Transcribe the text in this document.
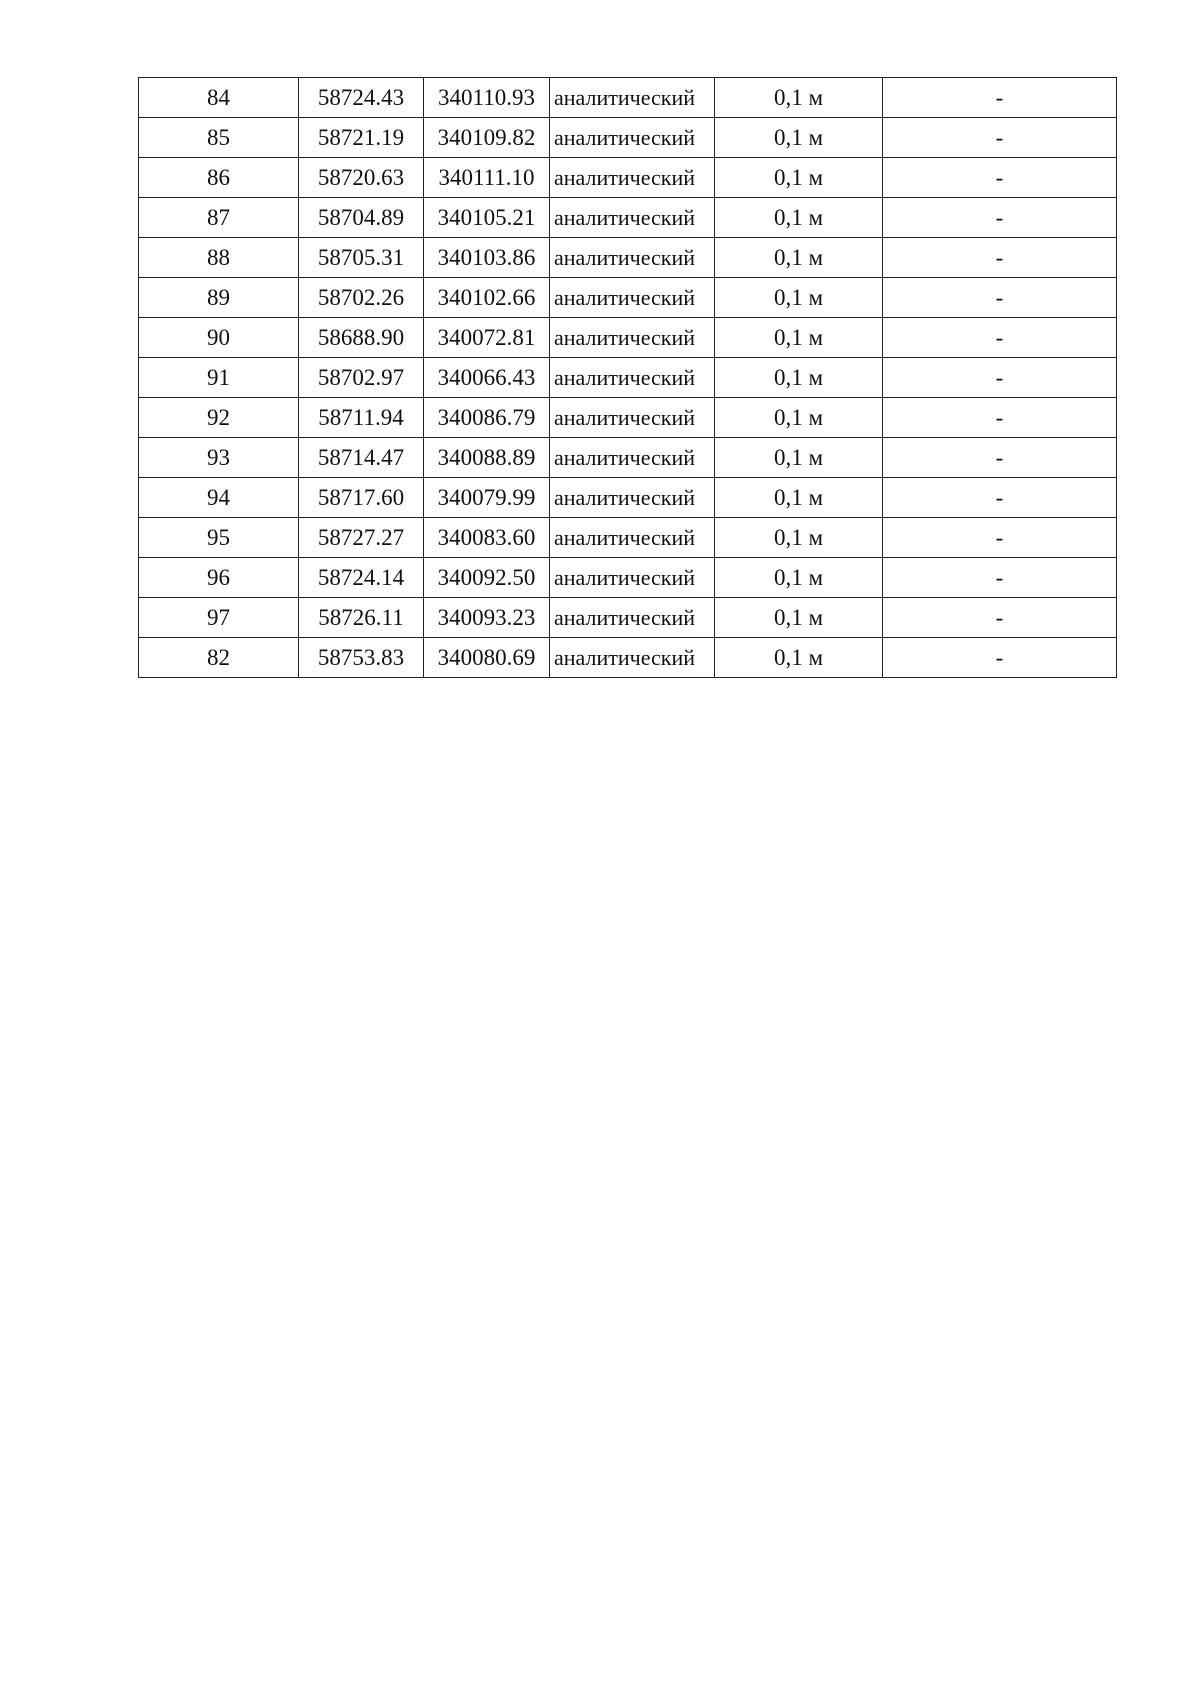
84	58724.43	340110.93	аналитический	0,1 м	-
85	58721.19	340109.82	аналитический	0,1 м	-
86	58720.63	340111.10	аналитический	0,1 м	-
87	58704.89	340105.21	аналитический	0,1 м	-
88	58705.31	340103.86	аналитический	0,1 м	-
89	58702.26	340102.66	аналитический	0,1 м	-
90	58688.90	340072.81	аналитический	0,1 м	-
91	58702.97	340066.43	аналитический	0,1 м	-
92	58711.94	340086.79	аналитический	0,1 м	-
93	58714.47	340088.89	аналитический	0,1 м	-
94	58717.60	340079.99	аналитический	0,1 м	-
95	58727.27	340083.60	аналитический	0,1 м	-
96	58724.14	340092.50	аналитический	0,1 м	-
97	58726.11	340093.23	аналитический	0,1 м	-
82	58753.83	340080.69	аналитический	0,1 м	-
